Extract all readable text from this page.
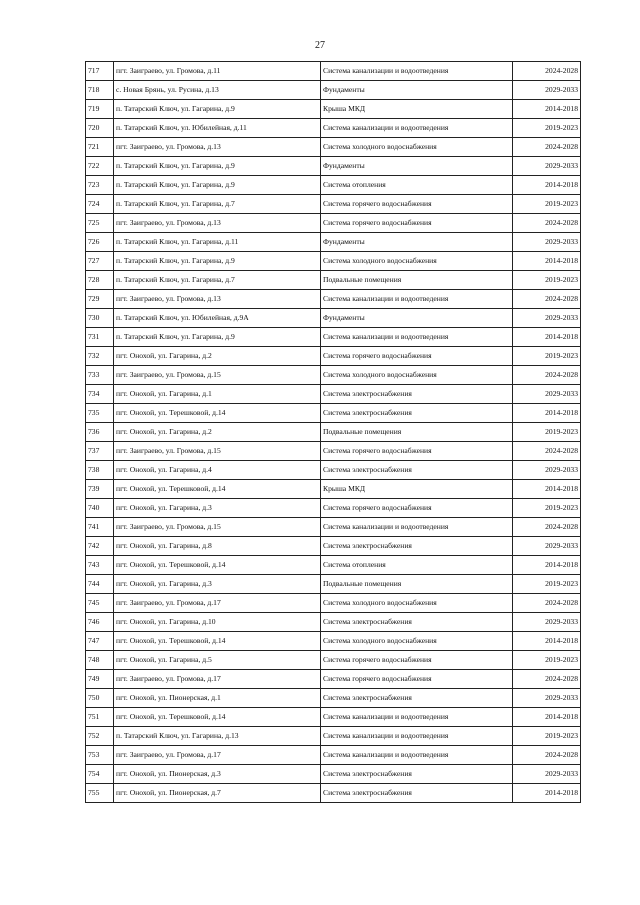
27
717	пгт. Заиграево, ул. Громова, д.11	Система канализации и водоотведения	2024-2028
718	с. Новая Брянь, ул. Русина, д.13	Фундаменты	2029-2033
719	п. Татарский Ключ, ул. Гагарина, д.9	Крыша МКД	2014-2018
720	п. Татарский Ключ, ул. Юбилейная, д.11	Система канализации и водоотведения	2019-2023
721	пгт. Заиграево, ул. Громова, д.13	Система холодного водоснабжения	2024-2028
722	п. Татарский Ключ, ул. Гагарина, д.9	Фундаменты	2029-2033
723	п. Татарский Ключ, ул. Гагарина, д.9	Система отопления	2014-2018
724	п. Татарский Ключ, ул. Гагарина, д.7	Система горячего водоснабжения	2019-2023
725	пгт. Заиграево, ул. Громова, д.13	Система горячего водоснабжения	2024-2028
726	п. Татарский Ключ, ул. Гагарина, д.11	Фундаменты	2029-2033
727	п. Татарский Ключ, ул. Гагарина, д.9	Система холодного водоснабжения	2014-2018
728	п. Татарский Ключ, ул. Гагарина, д.7	Подвальные помещения	2019-2023
729	пгт. Заиграево, ул. Громова, д.13	Система канализации и водоотведения	2024-2028
730	п. Татарский Ключ, ул. Юбилейная, д.9А	Фундаменты	2029-2033
731	п. Татарский Ключ, ул. Гагарина, д.9	Система канализации и водоотведения	2014-2018
732	пгт. Онохой, ул. Гагарина, д.2	Система горячего водоснабжения	2019-2023
733	пгт. Заиграево, ул. Громова, д.15	Система холодного водоснабжения	2024-2028
734	пгт. Онохой, ул. Гагарина, д.1	Система электроснабжения	2029-2033
735	пгт. Онохой, ул. Терешковой, д.14	Система электроснабжения	2014-2018
736	пгт. Онохой, ул. Гагарина, д.2	Подвальные помещения	2019-2023
737	пгт. Заиграево, ул. Громова, д.15	Система горячего водоснабжения	2024-2028
738	пгт. Онохой, ул. Гагарина, д.4	Система электроснабжения	2029-2033
739	пгт. Онохой, ул. Терешковой, д.14	Крыша МКД	2014-2018
740	пгт. Онохой, ул. Гагарина, д.3	Система горячего водоснабжения	2019-2023
741	пгт. Заиграево, ул. Громова, д.15	Система канализации и водоотведения	2024-2028
742	пгт. Онохой, ул. Гагарина, д.8	Система электроснабжения	2029-2033
743	пгт. Онохой, ул. Терешковой, д.14	Система отопления	2014-2018
744	пгт. Онохой, ул. Гагарина, д.3	Подвальные помещения	2019-2023
745	пгт. Заиграево, ул. Громова, д.17	Система холодного водоснабжения	2024-2028
746	пгт. Онохой, ул. Гагарина, д.10	Система электроснабжения	2029-2033
747	пгт. Онохой, ул. Терешковой, д.14	Система холодного водоснабжения	2014-2018
748	пгт. Онохой, ул. Гагарина, д.5	Система горячего водоснабжения	2019-2023
749	пгт. Заиграево, ул. Громова, д.17	Система горячего водоснабжения	2024-2028
750	пгт. Онохой, ул. Пионерская, д.1	Система электроснабжения	2029-2033
751	пгт. Онохой, ул. Терешковой, д.14	Система канализации и водоотведения	2014-2018
752	п. Татарский Ключ, ул. Гагарина, д.13	Система канализации и водоотведения	2019-2023
753	пгт. Заиграево, ул. Громова, д.17	Система канализации и водоотведения	2024-2028
754	пгт. Онохой, ул. Пионерская, д.3	Система электроснабжения	2029-2033
755	пгт. Онохой, ул. Пионерская, д.7	Система электроснабжения	2014-2018
